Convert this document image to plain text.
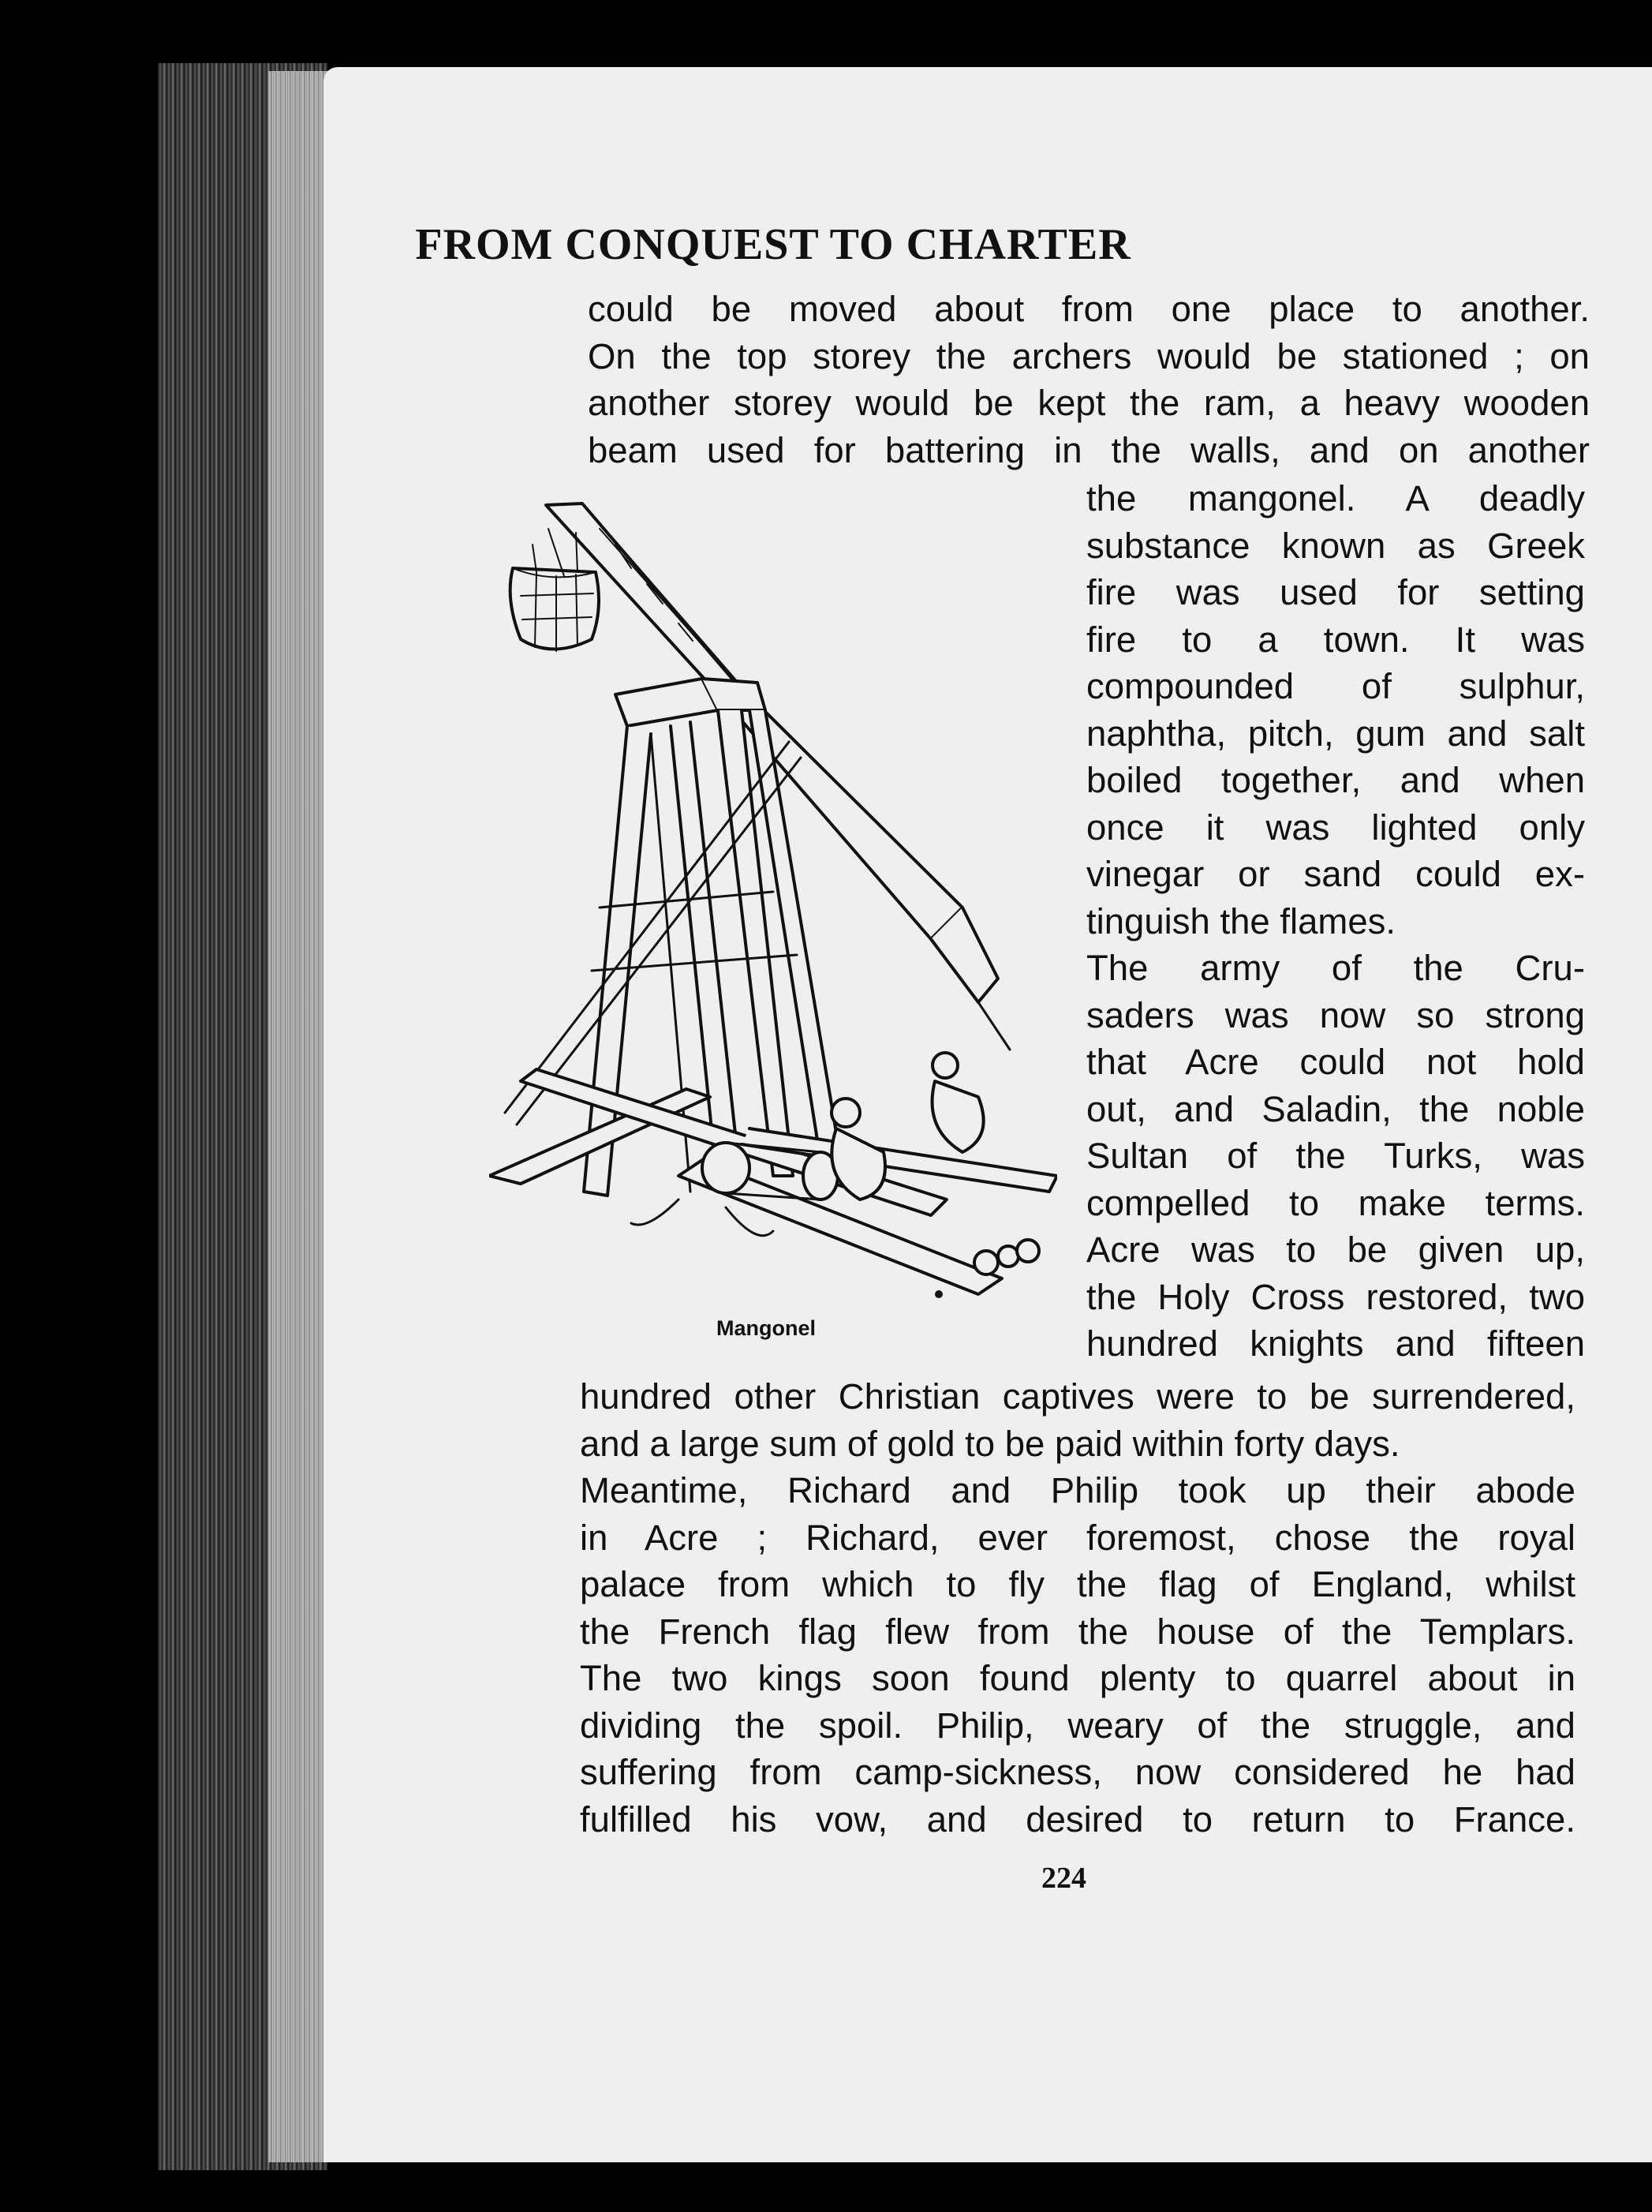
FROM CONQUEST TO CHARTER
could be moved about from one place to another.
On the top storey the archers would be stationed ; on
another storey would be kept the ram, a heavy wooden
beam used for battering in the walls, and on another
the mangonel. A deadly
substance known as Greek
fire was used for setting
fire to a town. It was
compounded of sulphur,
naphtha, pitch, gum and salt
boiled together, and when
once it was lighted only
vinegar or sand could ex-
tinguish the flames.
The army of the Cru-
saders was now so strong
that Acre could not hold
out, and Saladin, the noble
Sultan of the Turks, was
compelled to make terms.
Acre was to be given up,
the Holy Cross restored, two
hundred knights and fifteen
Mangonel
hundred other Christian captives were to be surrendered,
and a large sum of gold to be paid within forty days.
Meantime, Richard and Philip took up their abode
in Acre ; Richard, ever foremost, chose the royal
palace from which to fly the flag of England, whilst
the French flag flew from the house of the Templars.
The two kings soon found plenty to quarrel about in
dividing the spoil. Philip, weary of the struggle, and
suffering from camp-sickness, now considered he had
fulfilled his vow, and desired to return to France.
224
